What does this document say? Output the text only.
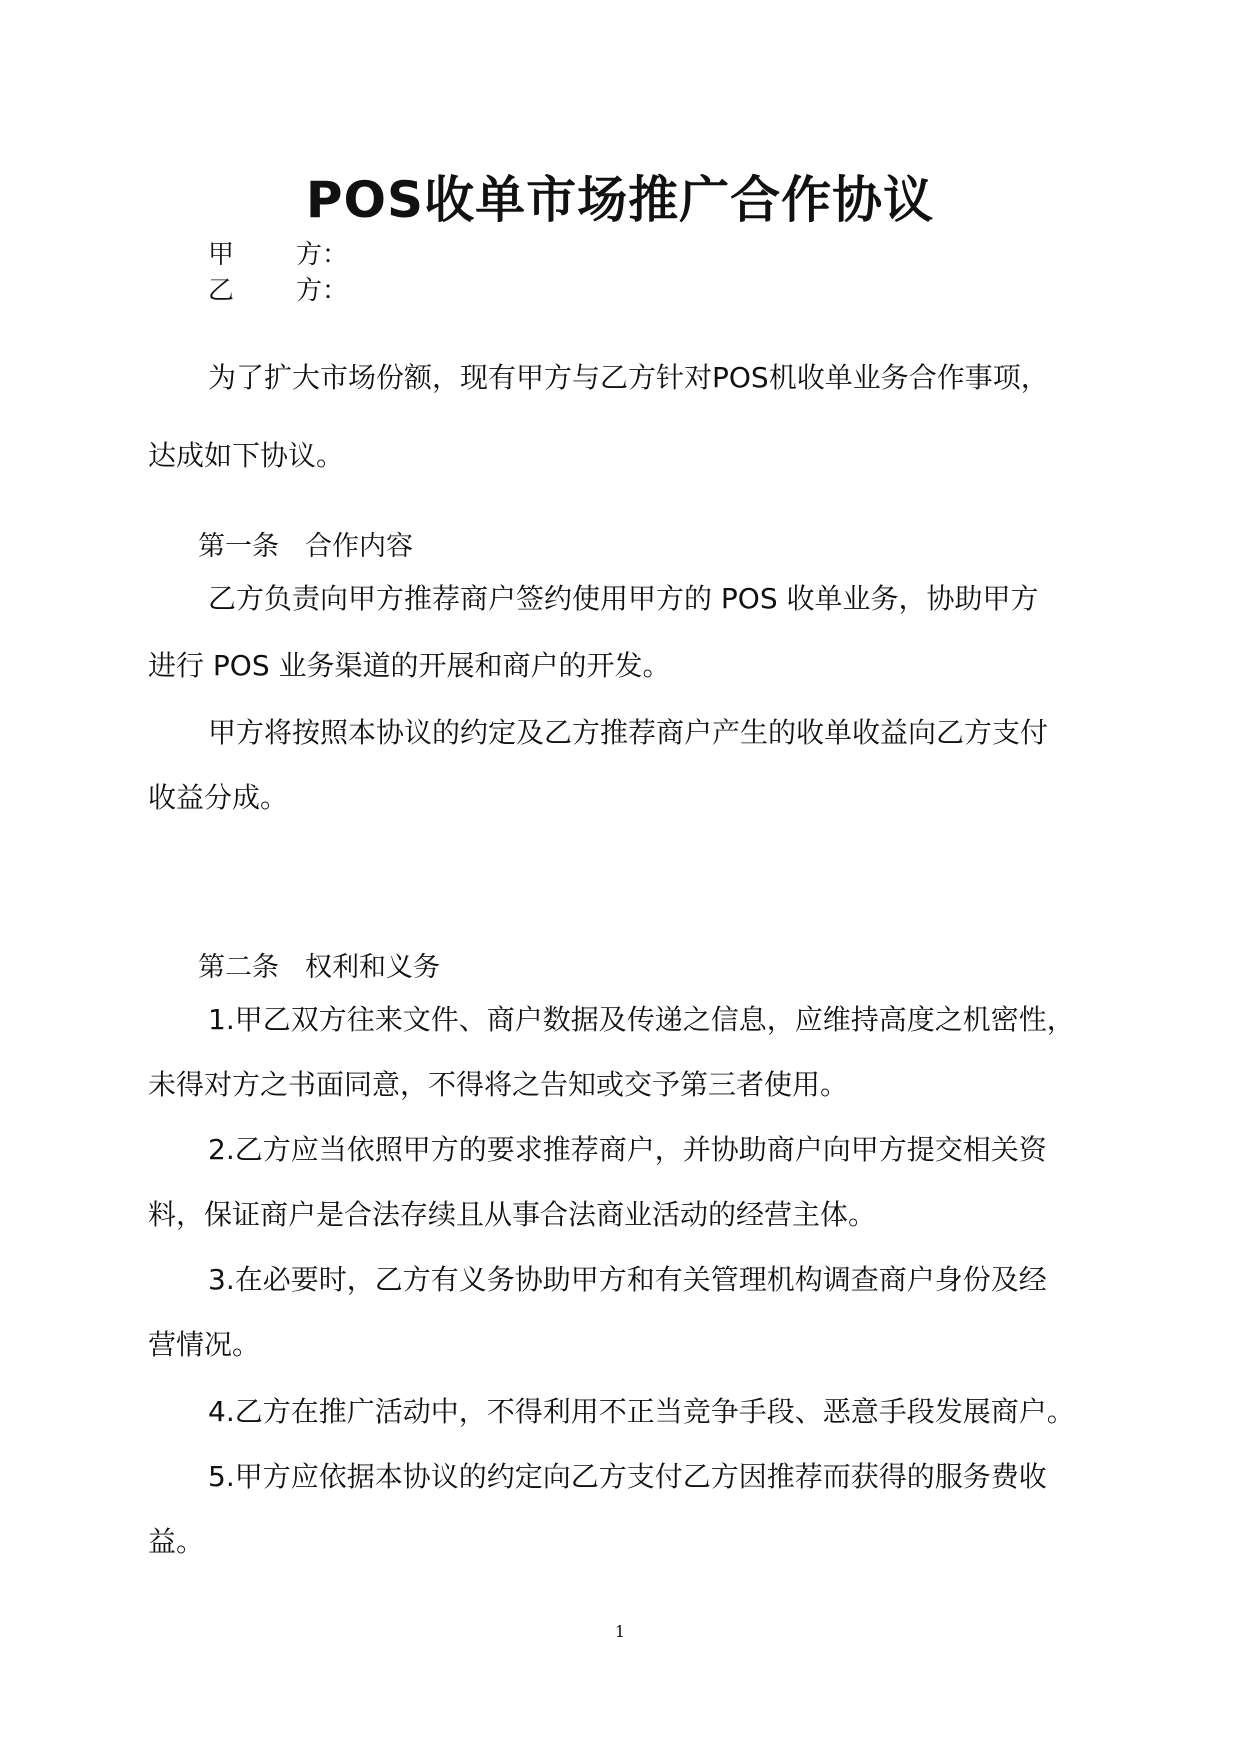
POS收单市场推广合作协议
甲 方：
乙 方：
为了扩大市场份额，现有甲方与乙方针对POS机收单业务合作事项，
达成如下协议。
第一条 合作内容
乙方负责向甲方推荐商户签约使用甲方的 POS 收单业务，协助甲方
进行 POS 业务渠道的开展和商户的开发。
甲方将按照本协议的约定及乙方推荐商户产生的收单收益向乙方支付
收益分成。
第二条 权利和义务
1.甲乙双方往来文件、商户数据及传递之信息，应维持高度之机密性，
未得对方之书面同意，不得将之告知或交予第三者使用。
2.乙方应当依照甲方的要求推荐商户，并协助商户向甲方提交相关资
料，保证商户是合法存续且从事合法商业活动的经营主体。
3.在必要时，乙方有义务协助甲方和有关管理机构调查商户身份及经
营情况。
4.乙方在推广活动中，不得利用不正当竞争手段、恶意手段发展商户。
5.甲方应依据本协议的约定向乙方支付乙方因推荐而获得的服务费收
益。
1
